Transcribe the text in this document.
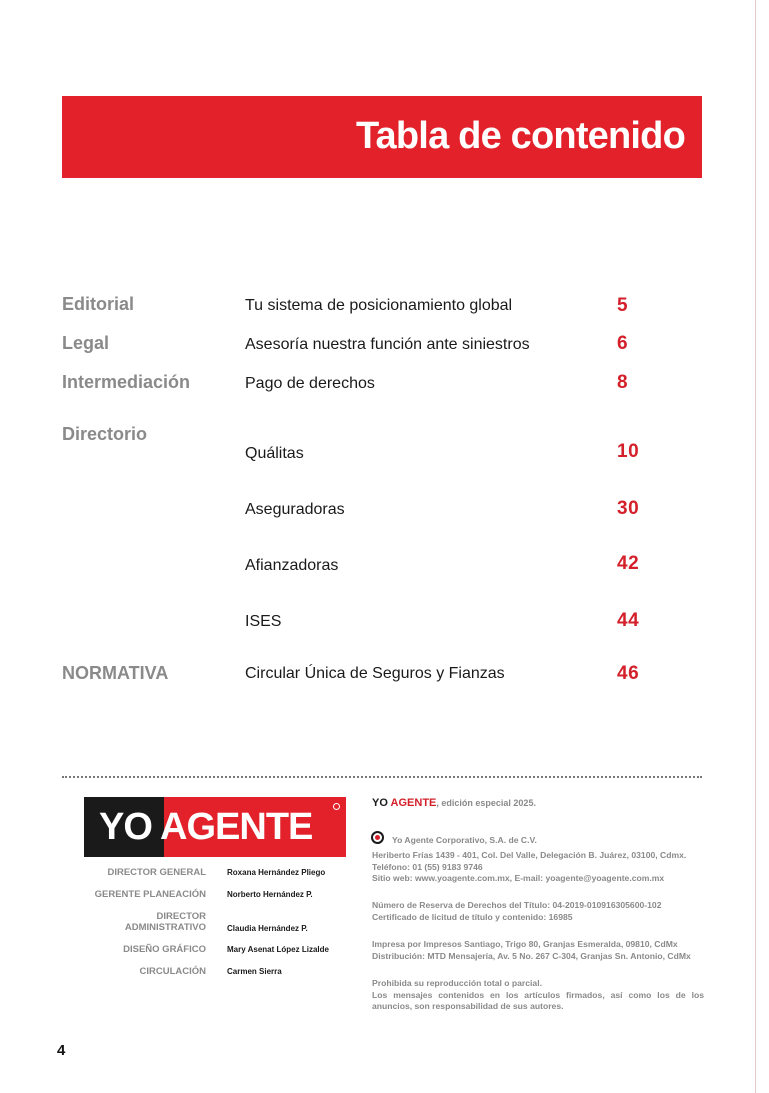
Tabla de contenido
Editorial	Tu sistema de posicionamiento global	5
Legal	Asesoría nuestra función ante siniestros	6
Intermediación	Pago de derechos	8
Directorio
Quálitas	10
Aseguradoras	30
Afianzadoras	42
ISES	44
NORMATIVA	Circular Única de Seguros y Fianzas	46
YO AGENTE
DIRECTOR GENERAL	Roxana Hernández Pliego
GERENTE PLANEACIÓN	Norberto Hernández P.
DIRECTOR ADMINISTRATIVO	Claudia Hernández P.
DISEÑO GRÁFICO	Mary Asenat López Lizalde
CIRCULACIÓN	Carmen Sierra
YO AGENTE, edición especial 2025.
Yo Agente Corporativo, S.A. de C.V.
Heriberto Frías 1439 - 401, Col. Del Valle, Delegación B. Juárez, 03100, Cdmx.
Teléfono: 01 (55) 9183 9746
Sitio web: www.yoagente.com.mx, E-mail: yoagente@yoagente.com.mx
Número de Reserva de Derechos del Título: 04-2019-010916305600-102
Certificado de licitud de título y contenido: 16985
Impresa por Impresos Santiago, Trigo 80, Granjas Esmeralda, 09810, CdMx
Distribución: MTD Mensajería, Av. 5 No. 267 C-304, Granjas Sn. Antonio, CdMx
Prohibida su reproducción total o parcial.
Los mensajes contenidos en los artículos firmados, así como los de los anuncios, son responsabilidad de sus autores.
4
